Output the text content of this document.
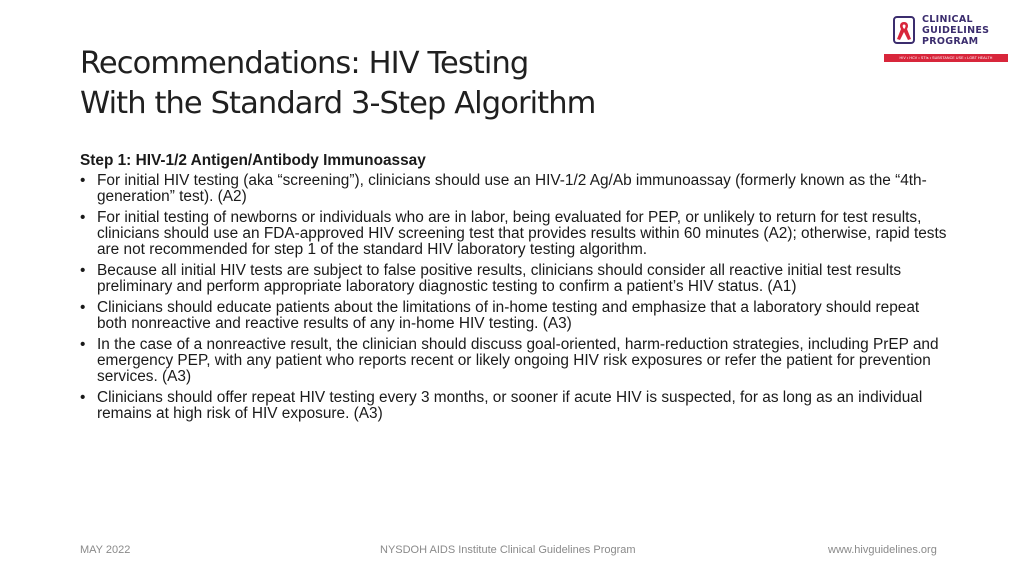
Recommendations: HIV Testing
With the Standard 3-Step Algorithm
CLINICAL
GUIDELINES
PROGRAM
HIV • HCV • STIs • SUBSTANCE USE • LGBT HEALTH
Step 1: HIV-1/2 Antigen/Antibody Immunoassay
• For initial HIV testing (aka “screening”), clinicians should use an HIV-1/2 Ag/Ab immunoassay (formerly known as the “4th-generation” test). (A2)
• For initial testing of newborns or individuals who are in labor, being evaluated for PEP, or unlikely to return for test results, clinicians should use an FDA-approved HIV screening test that provides results within 60 minutes (A2); otherwise, rapid tests are not recommended for step 1 of the standard HIV laboratory testing algorithm.
• Because all initial HIV tests are subject to false positive results, clinicians should consider all reactive initial test results preliminary and perform appropriate laboratory diagnostic testing to confirm a patient’s HIV status. (A1)
• Clinicians should educate patients about the limitations of in-home testing and emphasize that a laboratory should repeat both nonreactive and reactive results of any in-home HIV testing. (A3)
• In the case of a nonreactive result, the clinician should discuss goal-oriented, harm-reduction strategies, including PrEP and emergency PEP, with any patient who reports recent or likely ongoing HIV risk exposures or refer the patient for prevention services. (A3)
• Clinicians should offer repeat HIV testing every 3 months, or sooner if acute HIV is suspected, for as long as an individual remains at high risk of HIV exposure. (A3)
MAY 2022	NYSDOH AIDS Institute Clinical Guidelines Program	www.hivguidelines.org
